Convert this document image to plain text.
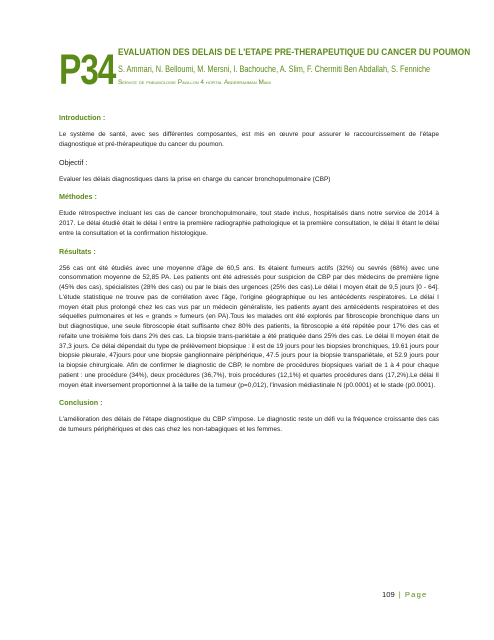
P34 EVALUATION DES DELAIS DE L'ETAPE PRE-THERAPEUTIQUE DU CANCER DU POUMON
S. Ammari, N. Belloumi, M. Mersni, I. Bachouche, A. Slim, F. Chermiti Ben Abdallah, S. Fenniche
Service de pneumologie Pavillon 4 hopital Abderrahman Mami
Introduction :

Le système de santé, avec ses différentes composantes, est mis en œuvre pour assurer le raccourcissement de l'étape diagnostique et pré-thérapeutique du cancer du poumon.

Objectif :

Evaluer les délais diagnostiques dans la prise en charge du cancer bronchopulmonaire (CBP)

Méthodes :

Etude rétrospective incluant les cas de cancer bronchopulmonaire, tout stade inclus, hospitalisés dans notre service de 2014 à 2017. Le délai étudié était le délai I entre la première radiographie pathologique et la première consultation, le délai II étant le délai entre la consultation et la confirmation histologique.

Résultats :

256 cas ont été étudiés avec une moyenne d'âge de 60,5 ans. Ils étaient fumeurs actifs (32%) ou sevrés (68%) avec une consommation moyenne de 52,85 PA. Les patients ont été adressés pour suspicion de CBP par des médecins de première ligne (45% des cas), spécialistes (28% des cas) ou par le biais des urgences (25% des cas).Le délai I moyen était de 9,5 jours [0 - 64]. L'étude statistique ne trouve pas de corrélation avec l'âge, l'origine géographique ou les antécédents respiratoires. Le délai I moyen était plus prolongé chez les cas vus par un médecin généraliste, les patients ayant des antécédents respiratoires et des séquelles pulmonaires et les « grands » fumeurs (en PA).Tous les malades ont été explorés par fibroscopie bronchique dans un but diagnostique, une seule fibroscopie était suffisante chez 80% des patients, la fibroscopie a été répétée pour 17% des cas et refaite une troisième fois dans 2% des cas. La biopsie trans-pariétale a été pratiquée dans 25% des cas. Le délai II moyen était de 37,3 jours. Ce délai dépendait du type de prélèvement biopsique : il est de 19 jours pour les biopsies bronchiques, 19.61 jours pour biopsie pleurale, 47jours pour une biopsie ganglionnaire périphérique, 47.5 jours pour la biopsie transpariétale, et 52.9 jours pour la biopsie chirurgicale. Afin de confirmer le diagnostic de CBP, le nombre de procédures biopsiques variait de 1 à 4 pour chaque patient : une procédure (34%), deux procédures (36,7%), trois procédures (12,1%) et quartes procédures dans (17,2%).Le délai II moyen était inversement proportionnel à la taille de la tumeur (p=0,012), l'invasion médiastinale N (p0.0001) et le stade (p0.0001).

Conclusion :

L'amélioration des délais de l'étape diagnostique du CBP s'impose. Le diagnostic reste un défi vu la fréquence croissante des cas de tumeurs périphériques et des cas chez les non-tabagiques et les femmes.

109 | Page
